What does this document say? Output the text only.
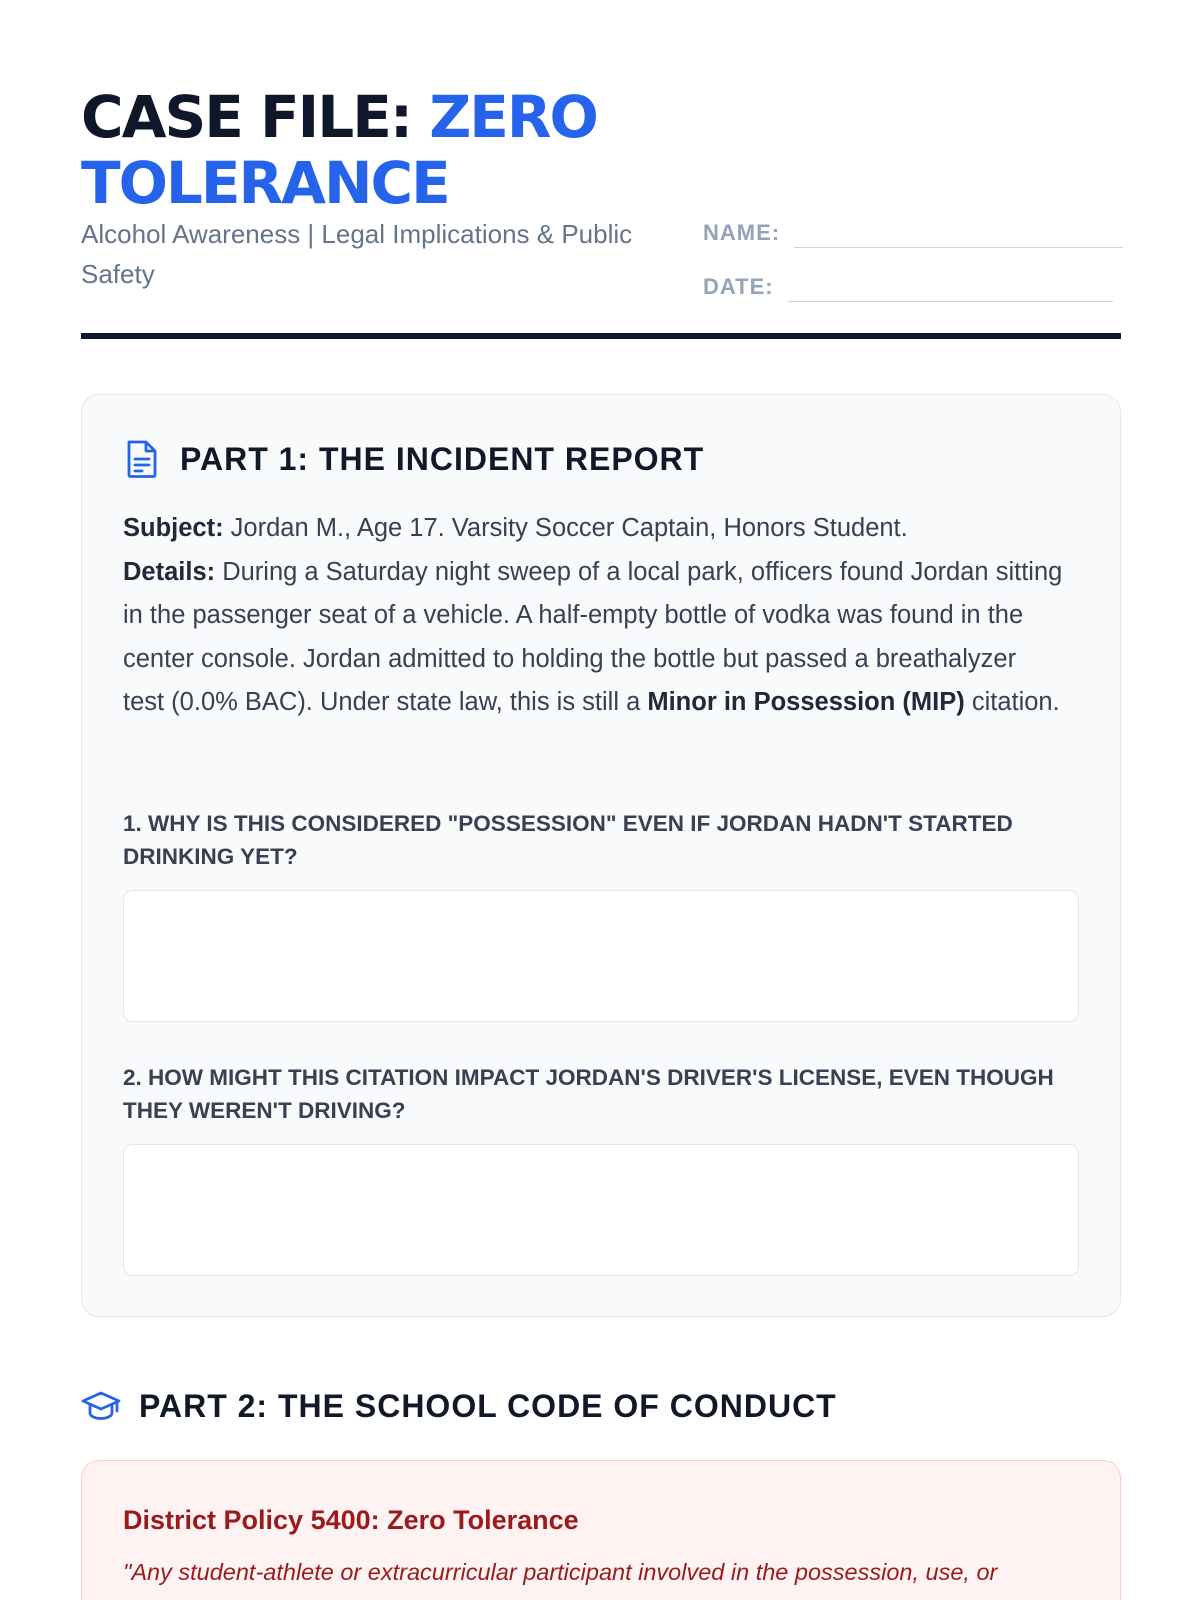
CASE FILE: ZERO TOLERANCE

Alcohol Awareness | Legal Implications & Public Safety

NAME:
DATE:
PART 1: THE INCIDENT REPORT

Subject: Jordan M., Age 17. Varsity Soccer Captain, Honors Student.
Details: During a Saturday night sweep of a local park, officers found Jordan sitting in the passenger seat of a vehicle. A half-empty bottle of vodka was found in the center console. Jordan admitted to holding the bottle but passed a breathalyzer test (0.0% BAC). Under state law, this is still a Minor in Possession (MIP) citation.

1. WHY IS THIS CONSIDERED "POSSESSION" EVEN IF JORDAN HADN'T STARTED DRINKING YET?
2. HOW MIGHT THIS CITATION IMPACT JORDAN'S DRIVER'S LICENSE, EVEN THOUGH THEY WEREN'T DRIVING?
PART 2: THE SCHOOL CODE OF CONDUCT
District Policy 5400: Zero Tolerance

"Any student-athlete or extracurricular participant involved in the possession, use, or
